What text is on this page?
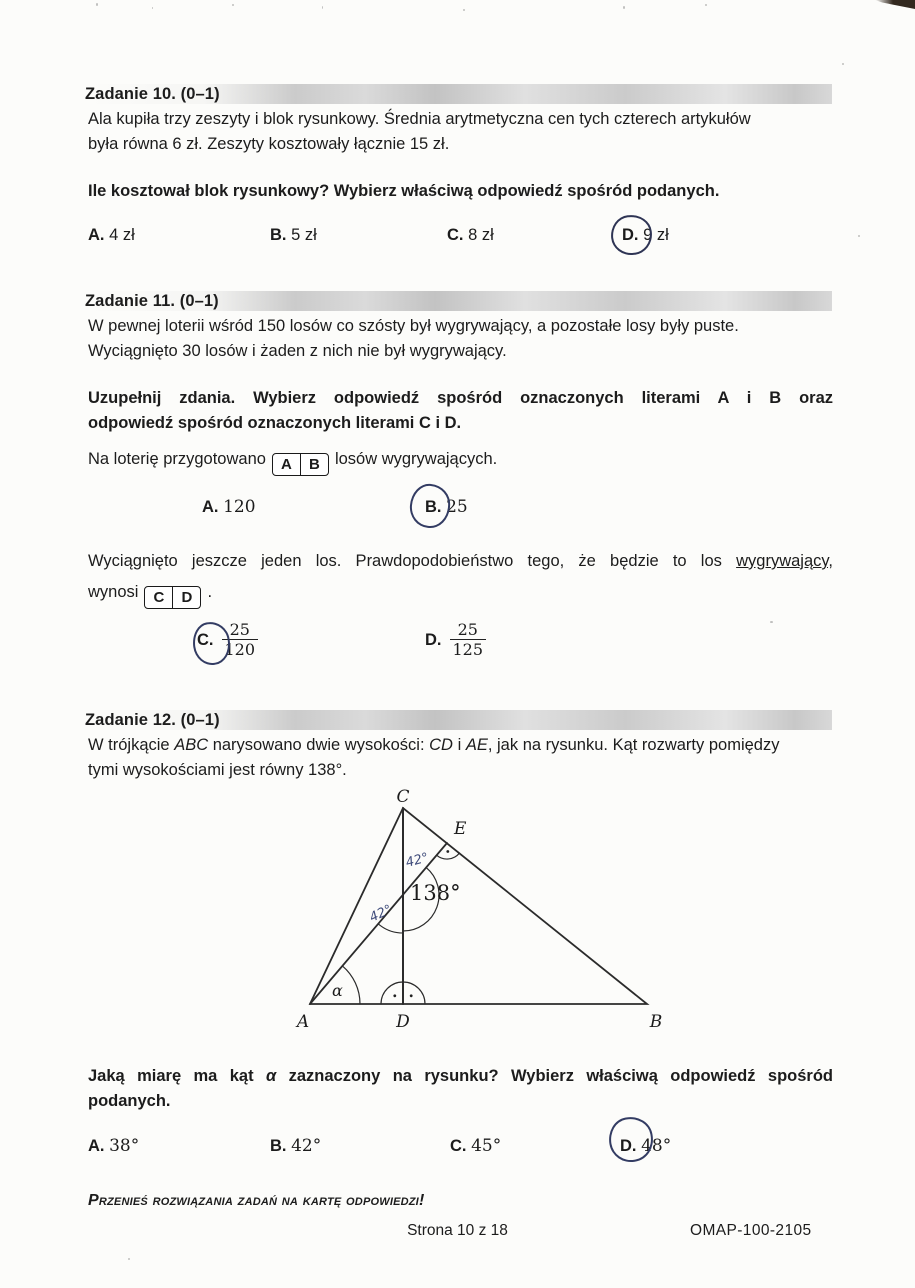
Zadanie 10. (0–1)
Ala kupiła trzy zeszyty i blok rysunkowy. Średnia arytmetyczna cen tych czterech artykułów
była równa 6 zł. Zeszyty kosztowały łącznie 15 zł.
Ile kosztował blok rysunkowy? Wybierz właściwą odpowiedź spośród podanych.
A. 4 zł	B. 5 zł	C. 8 zł	D. 9 zł
Zadanie 11. (0–1)
W pewnej loterii wśród 150 losów co szósty był wygrywający, a pozostałe losy były puste.
Wyciągnięto 30 losów i żaden z nich nie był wygrywający.
Uzupełnij zdania. Wybierz odpowiedź spośród oznaczonych literami A i B oraz
odpowiedź spośród oznaczonych literami C i D.
Na loterię przygotowano	A	B losów wygrywających.
A. 120	B. 25
Wyciągnięto jeszcze jeden los. Prawdopodobieństwo tego, że będzie to los wygrywający,
wynosi	C	D .
C. $\frac{25}{120}$	D. $\frac{25}{125}$
Zadanie 12. (0–1)
W trójkącie ABC narysowano dwie wysokości: CD i AE, jak na rysunku. Kąt rozwarty pomiędzy
tymi wysokościami jest równy 138°.
C
E
A	D	B
α
138°
42°
42°
Jaką miarę ma kąt α zaznaczony na rysunku? Wybierz właściwą odpowiedź spośród
podanych.
A. 38°	B. 42°	C. 45°	D. 48°
Przenieś rozwiązania zadań na kartę odpowiedzi!
Strona 10 z 18	OMAP-100-2105
